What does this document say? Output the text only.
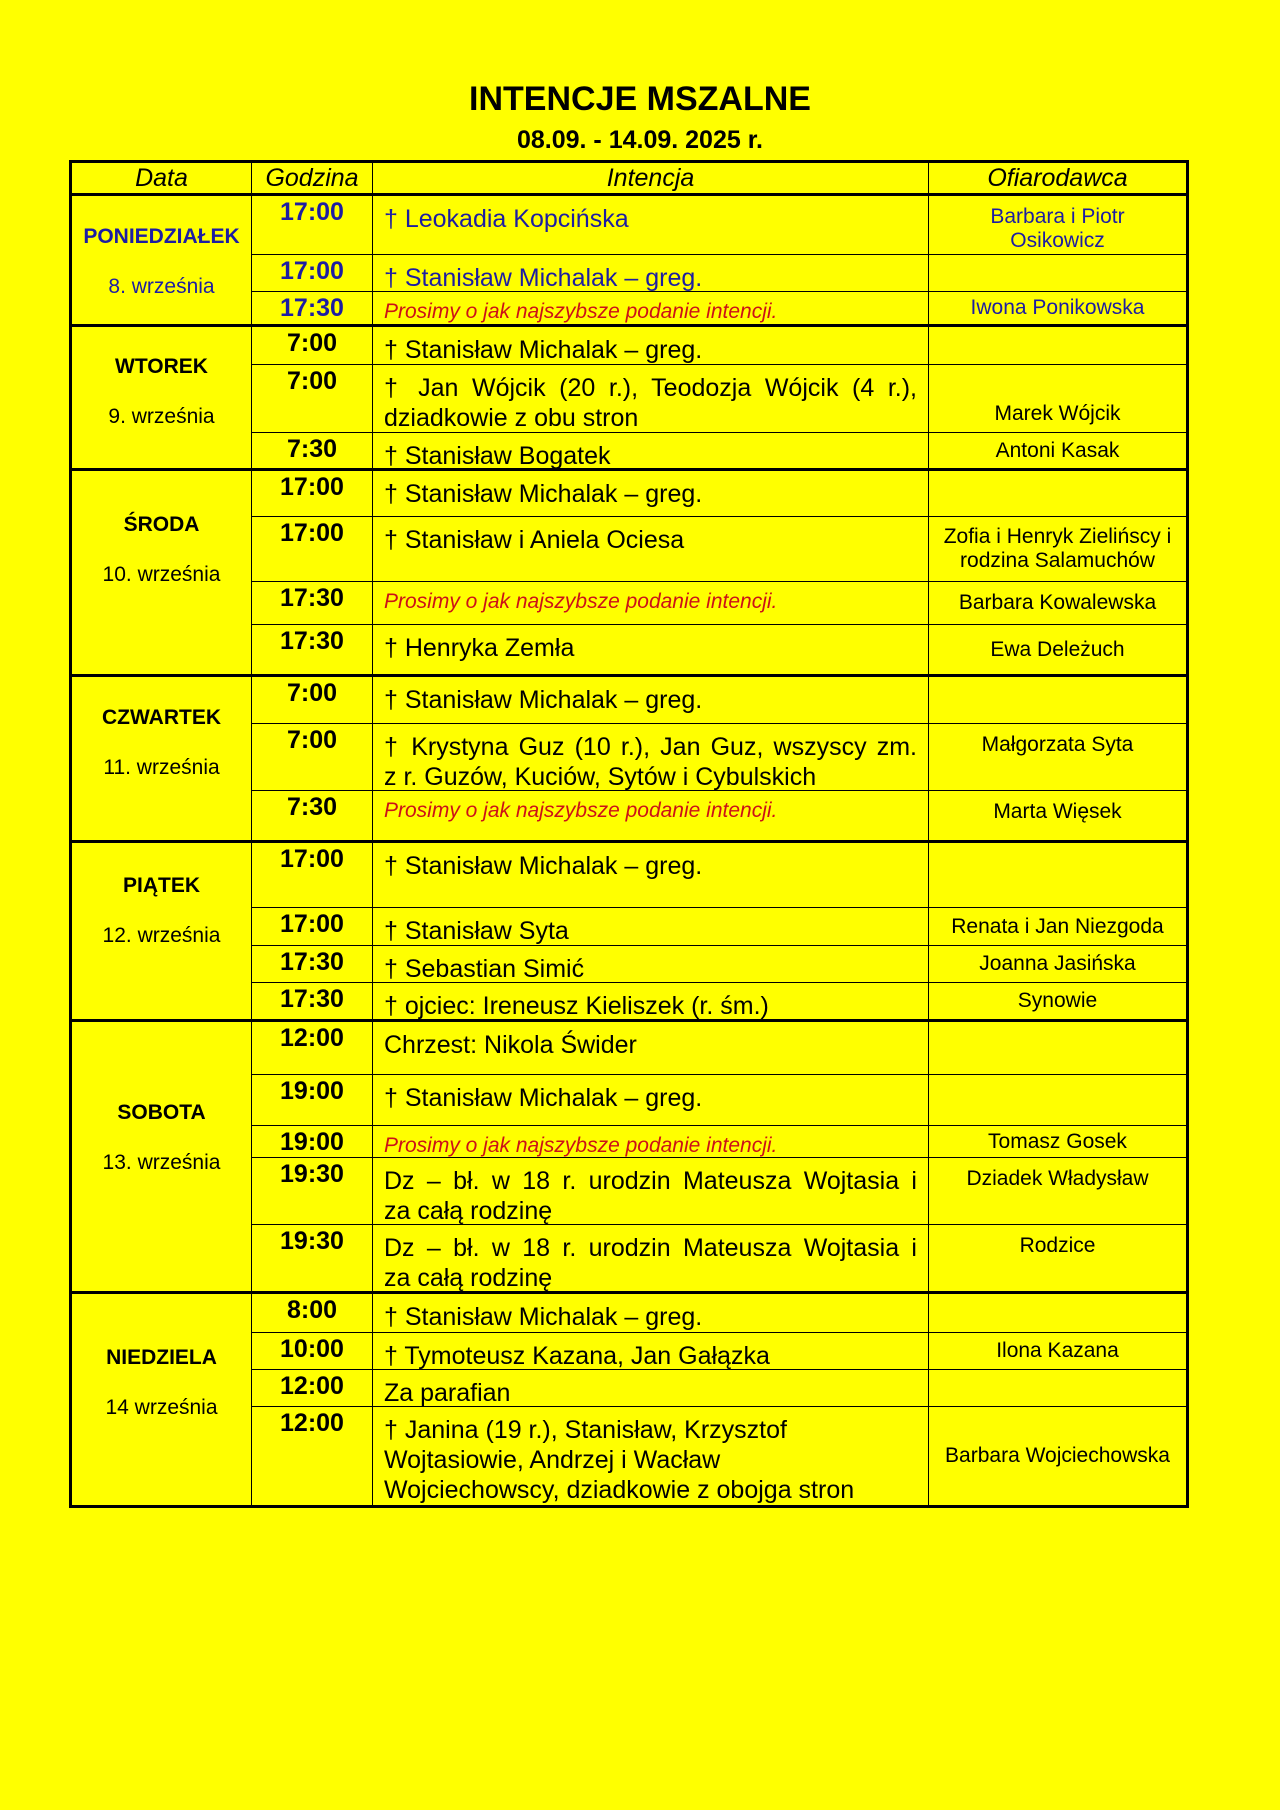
INTENCJE MSZALNE
08.09. - 14.09. 2025 r.
Data	Godzina	Intencja	Ofiarodawca
PONIEDZIAŁEK
8. września
17:00	† Leokadia Kopcińska	Barbara i Piotr
Osikowicz
17:00	† Stanisław Michalak – greg.
17:30	Prosimy o jak najszybsze podanie intencji.	Iwona Ponikowska
WTOREK
9. września
7:00	† Stanisław Michalak – greg.
7:00	† Jan Wójcik (20 r.), Teodozja Wójcik (4 r.),
dziadkowie z obu stron	Marek Wójcik
7:30	† Stanisław Bogatek	Antoni Kasak
ŚRODA
10. września
17:00	† Stanisław Michalak – greg.
17:00	† Stanisław i Aniela Ociesa	Zofia i Henryk Zielińscy i
rodzina Salamuchów
17:30	Prosimy o jak najszybsze podanie intencji.	Barbara Kowalewska
17:30	† Henryka Zemła	Ewa Deleżuch
CZWARTEK
11. września
7:00	† Stanisław Michalak – greg.
7:00	† Krystyna Guz (10 r.), Jan Guz, wszyscy zm.
z r. Guzów, Kuciów, Sytów i Cybulskich
Małgorzata Syta
7:30	Prosimy o jak najszybsze podanie intencji.	Marta Więsek
PIĄTEK
12. września
17:00	† Stanisław Michalak – greg.
17:00	† Stanisław Syta	Renata i Jan Niezgoda
17:30	† Sebastian Simić	Joanna Jasińska
17:30	† ojciec: Ireneusz Kieliszek (r. śm.)	Synowie
SOBOTA
13. września
12:00	Chrzest: Nikola Świder
19:00	† Stanisław Michalak – greg.
19:00	Prosimy o jak najszybsze podanie intencji.	Tomasz Gosek
19:30	Dz – bł. w 18 r. urodzin Mateusza Wojtasia i
za całą rodzinę
Dziadek Władysław
19:30	Dz – bł. w 18 r. urodzin Mateusza Wojtasia i
za całą rodzinę
Rodzice
NIEDZIELA
14 września
8:00	† Stanisław Michalak – greg.
10:00	† Tymoteusz Kazana, Jan Gałązka	Ilona Kazana
12:00	Za parafian
12:00	† Janina (19 r.), Stanisław, Krzysztof
Wojtasiowie, Andrzej i Wacław
Wojciechowscy, dziadkowie z obojga stron
Barbara Wojciechowska
